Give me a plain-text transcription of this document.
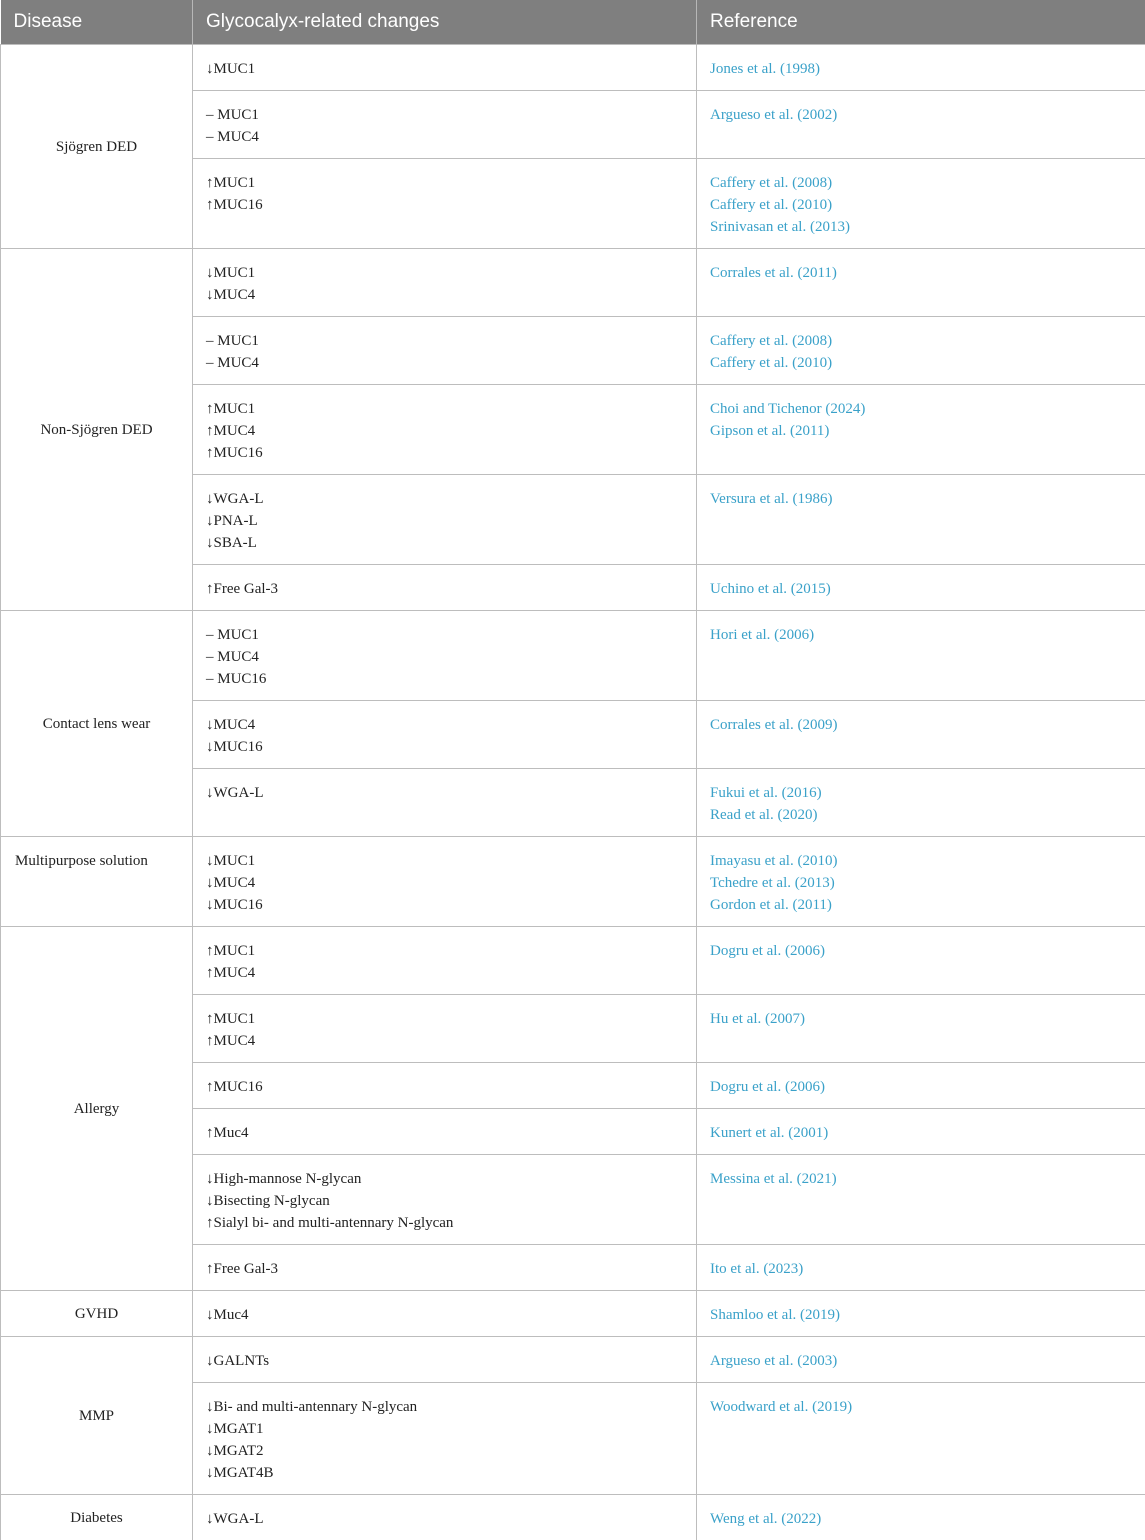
Disease	Glycocalyx-related changes	Reference
Sjögren DED	↓MUC1	Jones et al. (1998)

	– MUC1
– MUC4	Argueso et al. (2002)

	↑MUC1
↑MUC16	Caffery et al. (2008)
Caffery et al. (2010)
Srinivasan et al. (2013)

Non-Sjögren DED	↓MUC1
↓MUC4	Corrales et al. (2011)

	– MUC1
– MUC4	Caffery et al. (2008)
Caffery et al. (2010)

	↑MUC1
↑MUC4
↑MUC16	Choi and Tichenor (2024)
Gipson et al. (2011)

	↓WGA-L
↓PNA-L
↓SBA-L	Versura et al. (1986)

	↑Free Gal-3	Uchino et al. (2015)

Contact lens wear	– MUC1
– MUC4
– MUC16	Hori et al. (2006)

	↓MUC4
↓MUC16	Corrales et al. (2009)

	↓WGA-L	Fukui et al. (2016)
Read et al. (2020)

Multipurpose solution	↓MUC1
↓MUC4
↓MUC16	Imayasu et al. (2010)
Tchedre et al. (2013)
Gordon et al. (2011)

Allergy	↑MUC1
↑MUC4	Dogru et al. (2006)

	↑MUC1
↑MUC4	Hu et al. (2007)

	↑MUC16	Dogru et al. (2006)

	↑Muc4	Kunert et al. (2001)

	↓High-mannose N-glycan
↓Bisecting N-glycan
↑Sialyl bi- and multi-antennary N-glycan	Messina et al. (2021)

	↑Free Gal-3	Ito et al. (2023)

GVHD	↓Muc4	Shamloo et al. (2019)

MMP	↓GALNTs	Argueso et al. (2003)

	↓Bi- and multi-antennary N-glycan
↓MGAT1
↓MGAT2
↓MGAT4B	Woodward et al. (2019)

Diabetes	↓WGA-L	Weng et al. (2022)
